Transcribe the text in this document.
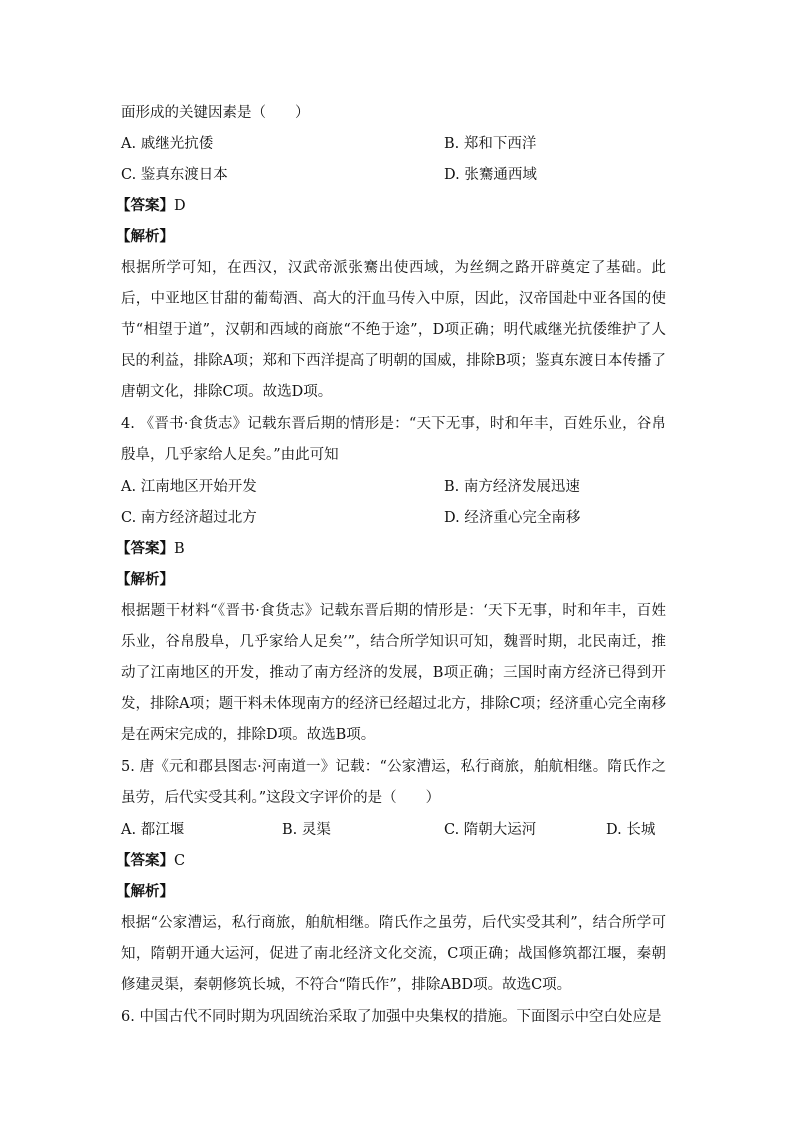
面形成的关键因素是（　　）
A. 戚继光抗倭	B. 郑和下西洋
C. 鉴真东渡日本	D. 张騫通西域
【答案】D
【解析】
根据所学可知，在西汉，汉武帝派张騫出使西域，为丝绸之路开辟奠定了基础。此后，中亚地区甘甜的葡萄酒、高大的汗血马传入中原，因此，汉帝国赴中亚各国的使节“相望于道”，汉朝和西域的商旅“不绝于途”，D项正确；明代戚继光抗倭维护了人民的利益，排除A项；郑和下西洋提高了明朝的国威，排除B项；鉴真东渡日本传播了唐朝文化，排除C项。故选D项。
4. 《晋书·食货志》记载东晋后期的情形是：“天下无事，时和年丰，百姓乐业，谷帛殷阜，几乎家给人足矣。”由此可知
A. 江南地区开始开发	B. 南方经济发展迅速
C. 南方经济超过北方	D. 经济重心完全南移
【答案】B
【解析】
根据题干材料“《晋书·食货志》记载东晋后期的情形是：‘天下无事，时和年丰，百姓乐业，谷帛殷阜，几乎家给人足矣’”，结合所学知识可知，魏晋时期，北民南迁，推动了江南地区的开发，推动了南方经济的发展，B项正确；三国时南方经济已得到开发，排除A项；题干料未体现南方的经济已经超过北方，排除C项；经济重心完全南移是在两宋完成的，排除D项。故选B项。
5. 唐《元和郡县图志·河南道一》记载：“公家漕运，私行商旅，舶航相继。隋氏作之虽劳，后代实受其利。”这段文字评价的是（　　）
A. 都江堰	B. 灵渠	C. 隋朝大运河	D. 长城
【答案】C
【解析】
根据“公家漕运，私行商旅，舶航相继。隋氏作之虽劳，后代实受其利”，结合所学可知，隋朝开通大运河，促进了南北经济文化交流，C项正确；战国修筑都江堰，秦朝修建灵渠，秦朝修筑长城，不符合“隋氏作”，排除ABD项。故选C项。
6. 中国古代不同时期为巩固统治采取了加强中央集权的措施。下面图示中空白处应是
